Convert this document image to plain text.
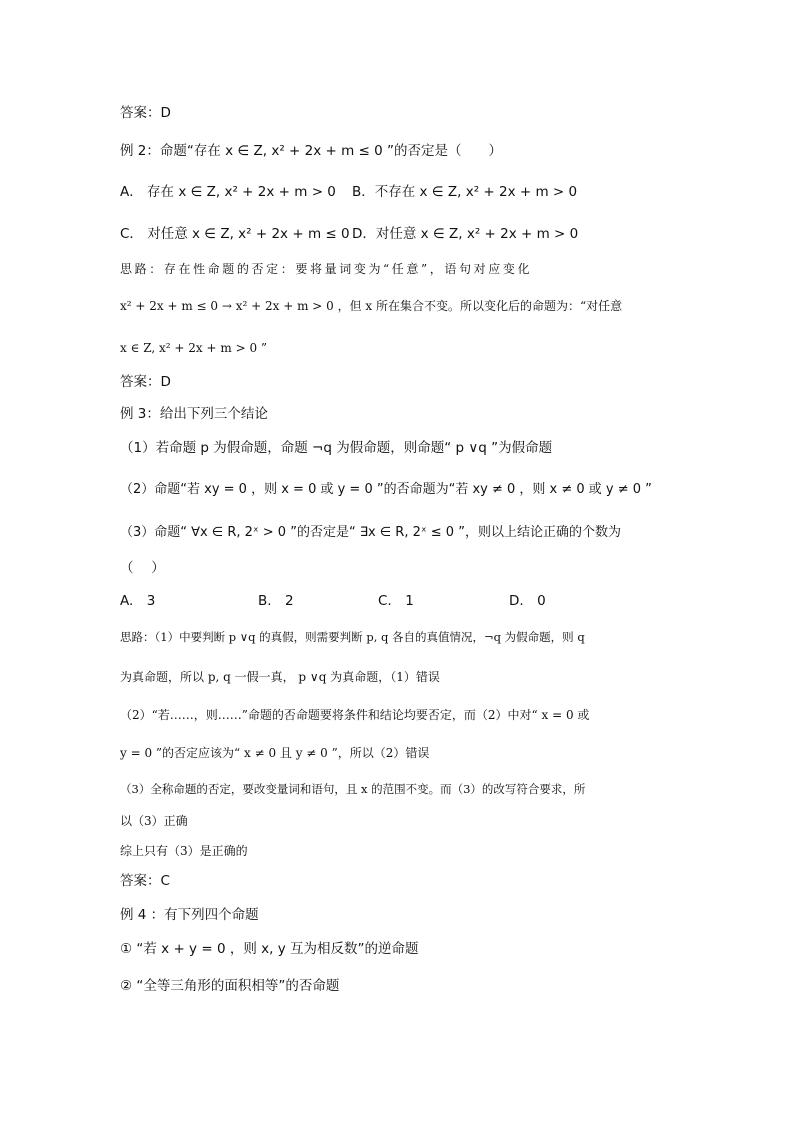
答案：D
例 2：命题“存在 x ∈ Z, x² + 2x + m ≤ 0 ”的否定是（　　）
A． 存在 x ∈ Z, x² + 2x + m > 0 B．不存在 x ∈ Z, x² + 2x + m > 0
C． 对任意 x ∈ Z, x² + 2x + m ≤ 0 D．对任意 x ∈ Z, x² + 2x + m > 0
思 路 ： 存 在 性 命 题 的 否 定 ： 要 将 量 词 变 为 “ 任 意 ” ， 语 句 对 应 变 化
x² + 2x + m ≤ 0 → x² + 2x + m > 0 ，但 x 所在集合不变。所以变化后的命题为：“对任意
x ∈ Z, x² + 2x + m > 0 ”
答案：D
例 3：给出下列三个结论
（1）若命题 p 为假命题，命题 ¬q 为假命题，则命题“ p ∨q ”为假命题
（2）命题“若 xy = 0 ，则 x = 0 或 y = 0 ”的否命题为“若 xy ≠ 0 ，则 x ≠ 0 或 y ≠ 0 ”
（3）命题“ ∀x ∈ R, 2ˣ > 0 ”的否定是“ ∃x ∈ R, 2ˣ ≤ 0 ”，则以上结论正确的个数为
（　 ）
A.　3	B.　2	C.　1	D.　0
思路：（1）中要判断 p ∨q 的真假，则需要判断 p, q 各自的真值情况，¬q 为假命题，则 q
为真命题，所以 p, q 一假一真， p ∨q 为真命题，（1）错误
（2）“若……，则……”命题的否命题要将条件和结论均要否定，而（2）中对“ x = 0 或
y = 0 ”的否定应该为“ x ≠ 0 且 y ≠ 0 ”，所以（2）错误
（3）全称命题的否定，要改变量词和语句，且 x 的范围不变。而（3）的改写符合要求，所
以（3）正确
综上只有（3）是正确的
答案：C
例 4 ：有下列四个命题
① “若 x + y = 0 ，则 x, y 互为相反数”的逆命题
② “全等三角形的面积相等”的否命题
